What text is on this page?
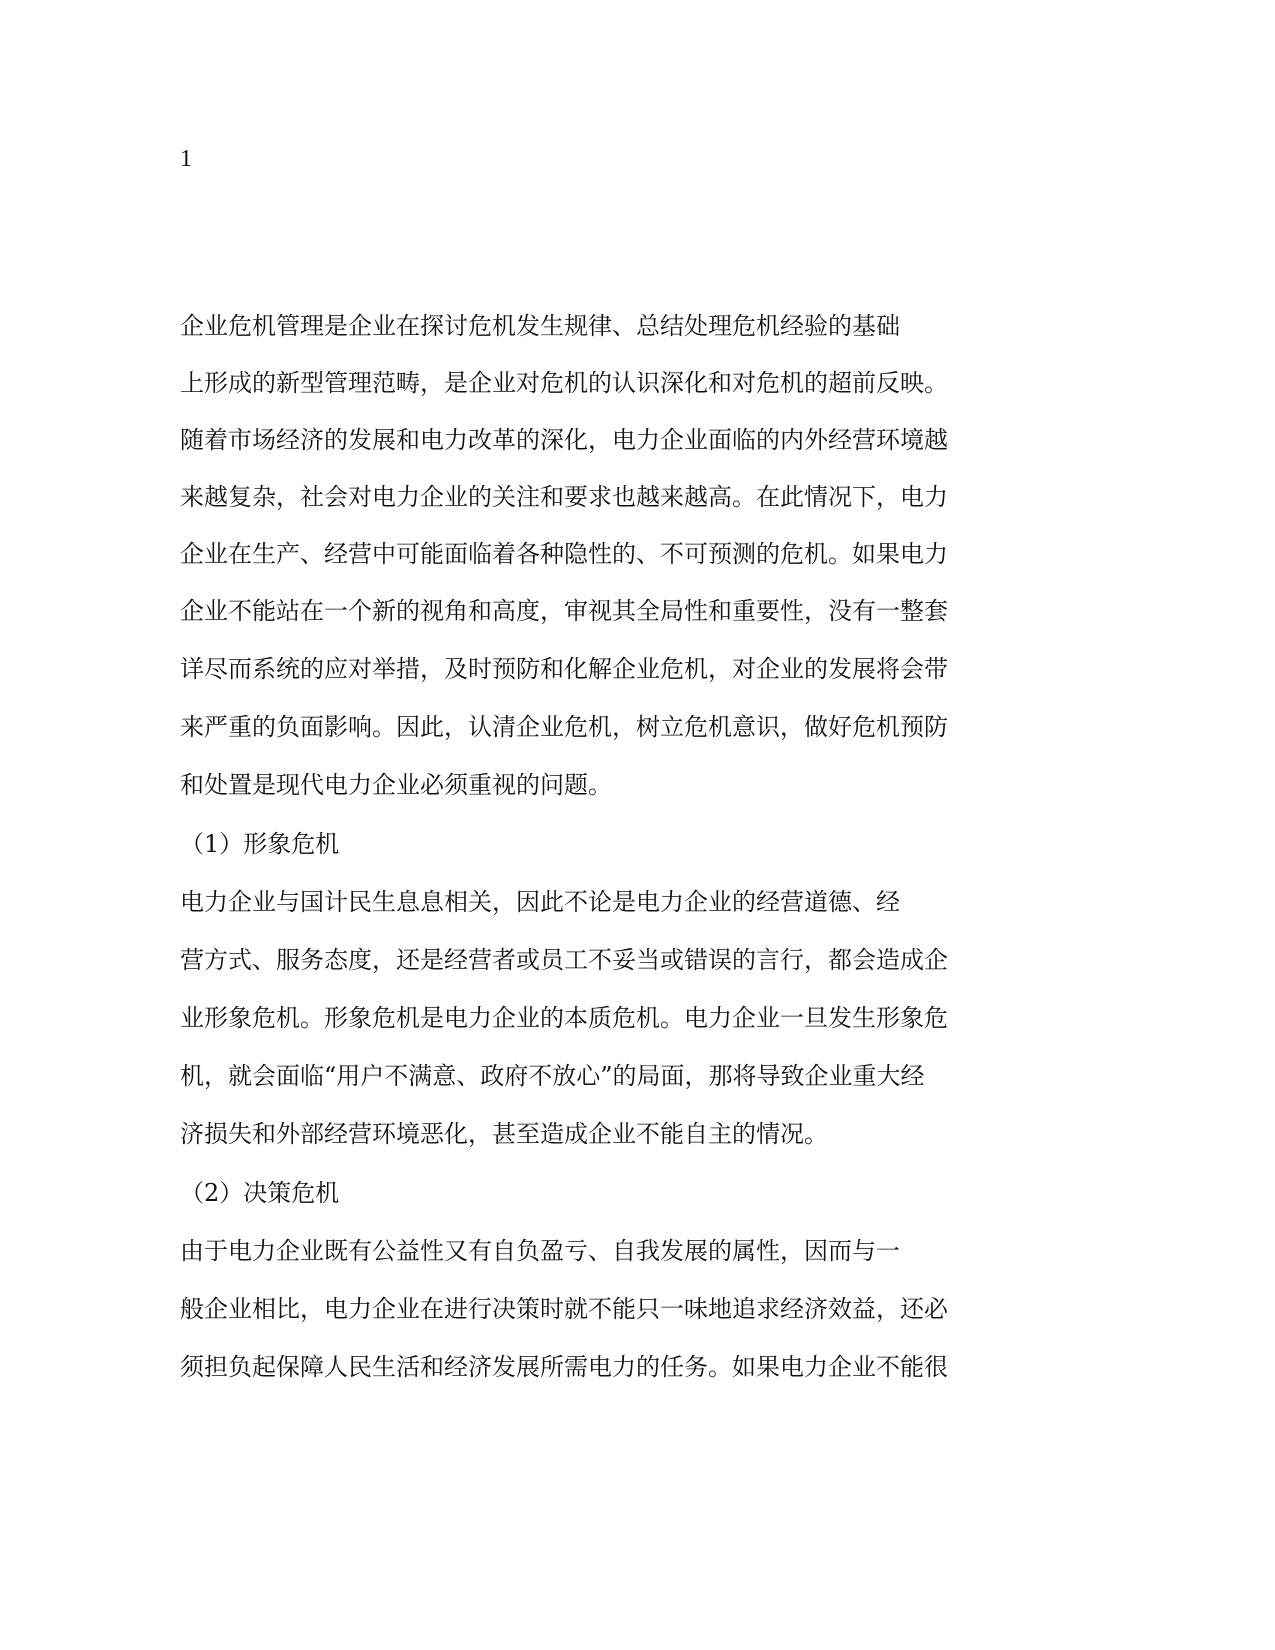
1
企业危机管理是企业在探讨危机发生规律、总结处理危机经验的基础
上形成的新型管理范畴，是企业对危机的认识深化和对危机的超前反映。
随着市场经济的发展和电力改革的深化，电力企业面临的内外经营环境越
来越复杂，社会对电力企业的关注和要求也越来越高。在此情况下，电力
企业在生产、经营中可能面临着各种隐性的、不可预测的危机。如果电力
企业不能站在一个新的视角和高度，审视其全局性和重要性，没有一整套
详尽而系统的应对举措，及时预防和化解企业危机，对企业的发展将会带
来严重的负面影响。因此，认清企业危机，树立危机意识，做好危机预防
和处置是现代电力企业必须重视的问题。
（1）形象危机
电力企业与国计民生息息相关，因此不论是电力企业的经营道德、经
营方式、服务态度，还是经营者或员工不妥当或错误的言行，都会造成企
业形象危机。形象危机是电力企业的本质危机。电力企业一旦发生形象危
机，就会面临“用户不满意、政府不放心”的局面，那将导致企业重大经
济损失和外部经营环境恶化，甚至造成企业不能自主的情况。
（2）决策危机
由于电力企业既有公益性又有自负盈亏、自我发展的属性，因而与一
般企业相比，电力企业在进行决策时就不能只一味地追求经济效益，还必
须担负起保障人民生活和经济发展所需电力的任务。如果电力企业不能很
